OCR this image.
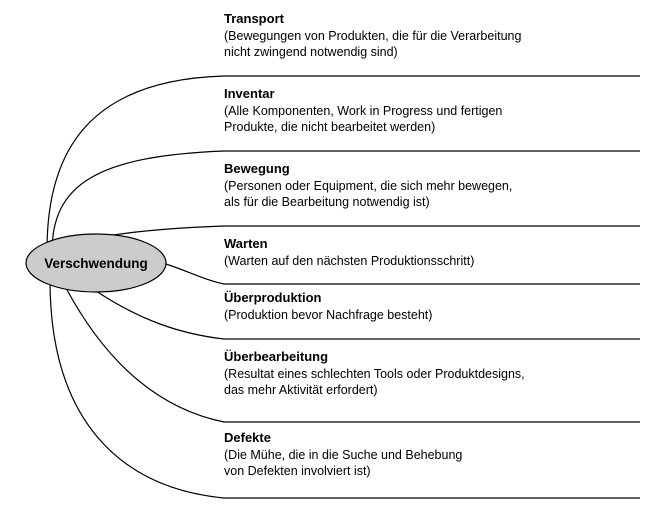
Verschwendung
Transport
(Bewegungen von Produkten, die für die Verarbeitung
nicht zwingend notwendig sind)
Inventar
(Alle Komponenten, Work in Progress und fertigen
Produkte, die nicht bearbeitet werden)
Bewegung
(Personen oder Equipment, die sich mehr bewegen,
als für die Bearbeitung notwendig ist)
Warten
(Warten auf den nächsten Produktionsschritt)
Überproduktion
(Produktion bevor Nachfrage besteht)
Überbearbeitung
(Resultat eines schlechten Tools oder Produktdesigns,
das mehr Aktivität erfordert)
Defekte
(Die Mühe, die in die Suche und Behebung
von Defekten involviert ist)
